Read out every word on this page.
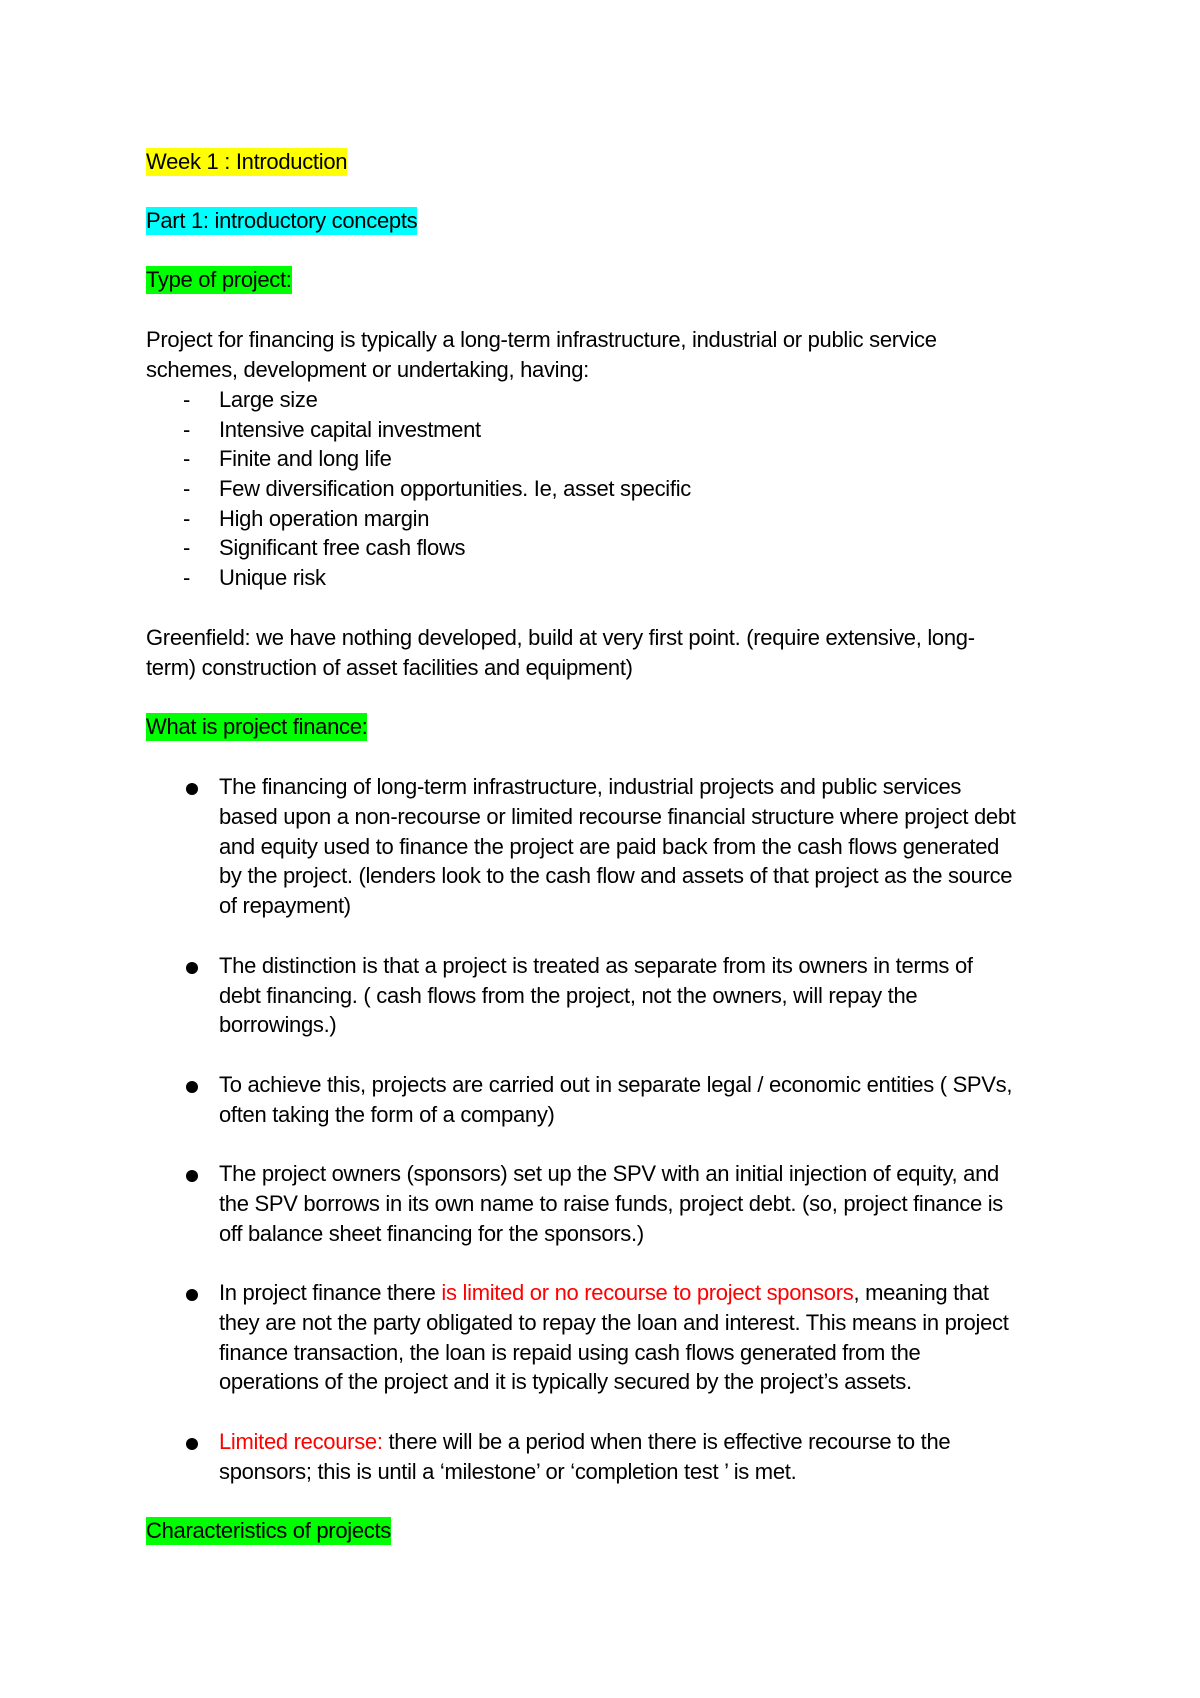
Week 1 : Introduction
Part 1: introductory concepts
Type of project:
Project for financing is typically a long-term infrastructure, industrial or public service
schemes, development or undertaking, having:
- Large size
- Intensive capital investment
- Finite and long life
- Few diversification opportunities. Ie, asset specific
- High operation margin
- Significant free cash flows
- Unique risk
Greenfield: we have nothing developed, build at very first point. (require extensive, long-
term) construction of asset facilities and equipment)
What is project finance:
The financing of long-term infrastructure, industrial projects and public services
based upon a non-recourse or limited recourse financial structure where project debt
and equity used to finance the project are paid back from the cash flows generated
by the project. (lenders look to the cash flow and assets of that project as the source
of repayment)
The distinction is that a project is treated as separate from its owners in terms of
debt financing. ( cash flows from the project, not the owners, will repay the
borrowings.)
To achieve this, projects are carried out in separate legal / economic entities ( SPVs,
often taking the form of a company)
The project owners (sponsors) set up the SPV with an initial injection of equity, and
the SPV borrows in its own name to raise funds, project debt. (so, project finance is
off balance sheet financing for the sponsors.)
In project finance there is limited or no recourse to project sponsors, meaning that
they are not the party obligated to repay the loan and interest. This means in project
finance transaction, the loan is repaid using cash flows generated from the
operations of the project and it is typically secured by the project’s assets.
Limited recourse: there will be a period when there is effective recourse to the
sponsors; this is until a ‘milestone’ or ‘completion test ’ is met.
Characteristics of projects
